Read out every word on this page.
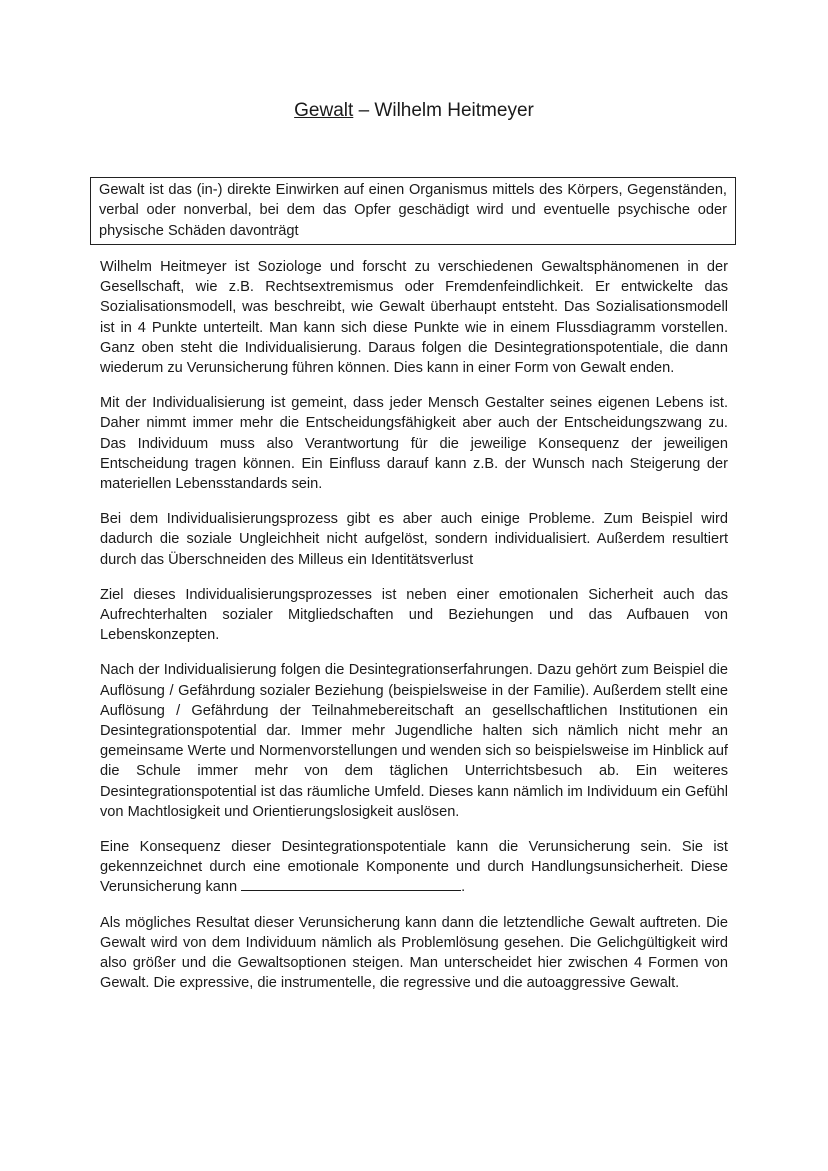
Gewalt – Wilhelm Heitmeyer
Gewalt ist das (in-) direkte Einwirken auf einen Organismus mittels des Körpers, Gegenständen, verbal oder nonverbal, bei dem das Opfer geschädigt wird und eventuelle psychische oder physische Schäden davonträgt

Wilhelm Heitmeyer ist Soziologe und forscht zu verschiedenen Gewaltsphänomenen in der Gesellschaft, wie z.B. Rechtsextremismus oder Fremdenfeindlichkeit. Er entwickelte das Sozialisationsmodell, was beschreibt, wie Gewalt überhaupt entsteht. Das Sozialisationsmodell ist in 4 Punkte unterteilt. Man kann sich diese Punkte wie in einem Flussdiagramm vorstellen. Ganz oben steht die Individualisierung. Daraus folgen die Desintegrationspotentiale, die dann wiederum zu Verunsicherung führen können. Dies kann in einer Form von Gewalt enden.

Mit der Individualisierung ist gemeint, dass jeder Mensch Gestalter seines eigenen Lebens ist. Daher nimmt immer mehr die Entscheidungsfähigkeit aber auch der Entscheidungszwang zu. Das Individuum muss also Verantwortung für die jeweilige Konsequenz der jeweiligen Entscheidung tragen können. Ein Einfluss darauf kann z.B. der Wunsch nach Steigerung der materiellen Lebensstandards sein.

Bei dem Individualisierungsprozess gibt es aber auch einige Probleme. Zum Beispiel wird dadurch die soziale Ungleichheit nicht aufgelöst, sondern individualisiert. Außerdem resultiert durch das Überschneiden des Milleus ein Identitätsverlust

Ziel dieses Individualisierungsprozesses ist neben einer emotionalen Sicherheit auch das Aufrechterhalten sozialer Mitgliedschaften und Beziehungen und das Aufbauen von Lebenskonzepten.

Nach der Individualisierung folgen die Desintegrationserfahrungen. Dazu gehört zum Beispiel die Auflösung / Gefährdung sozialer Beziehung (beispielsweise in der Familie). Außerdem stellt eine Auflösung / Gefährdung der Teilnahmebereitschaft an gesellschaftlichen Institutionen ein Desintegrationspotential dar. Immer mehr Jugendliche halten sich nämlich nicht mehr an gemeinsame Werte und Normenvorstellungen und wenden sich so beispielsweise im Hinblick auf die Schule immer mehr von dem täglichen Unterrichtsbesuch ab. Ein weiteres Desintegrationspotential ist das räumliche Umfeld. Dieses kann nämlich im Individuum ein Gefühl von Machtlosigkeit und Orientierungslosigkeit auslösen.

Eine Konsequenz dieser Desintegrationspotentiale kann die Verunsicherung sein. Sie ist gekennzeichnet durch eine emotionale Komponente und durch Handlungsunsicherheit. Diese Verunsicherung kann	.

Als mögliches Resultat dieser Verunsicherung kann dann die letztendliche Gewalt auftreten. Die Gewalt wird von dem Individuum nämlich als Problemlösung gesehen. Die Gelichgültigkeit wird also größer und die Gewaltsoptionen steigen. Man unterscheidet hier zwischen 4 Formen von Gewalt. Die expressive, die instrumentelle, die regressive und die autoaggressive Gewalt.
